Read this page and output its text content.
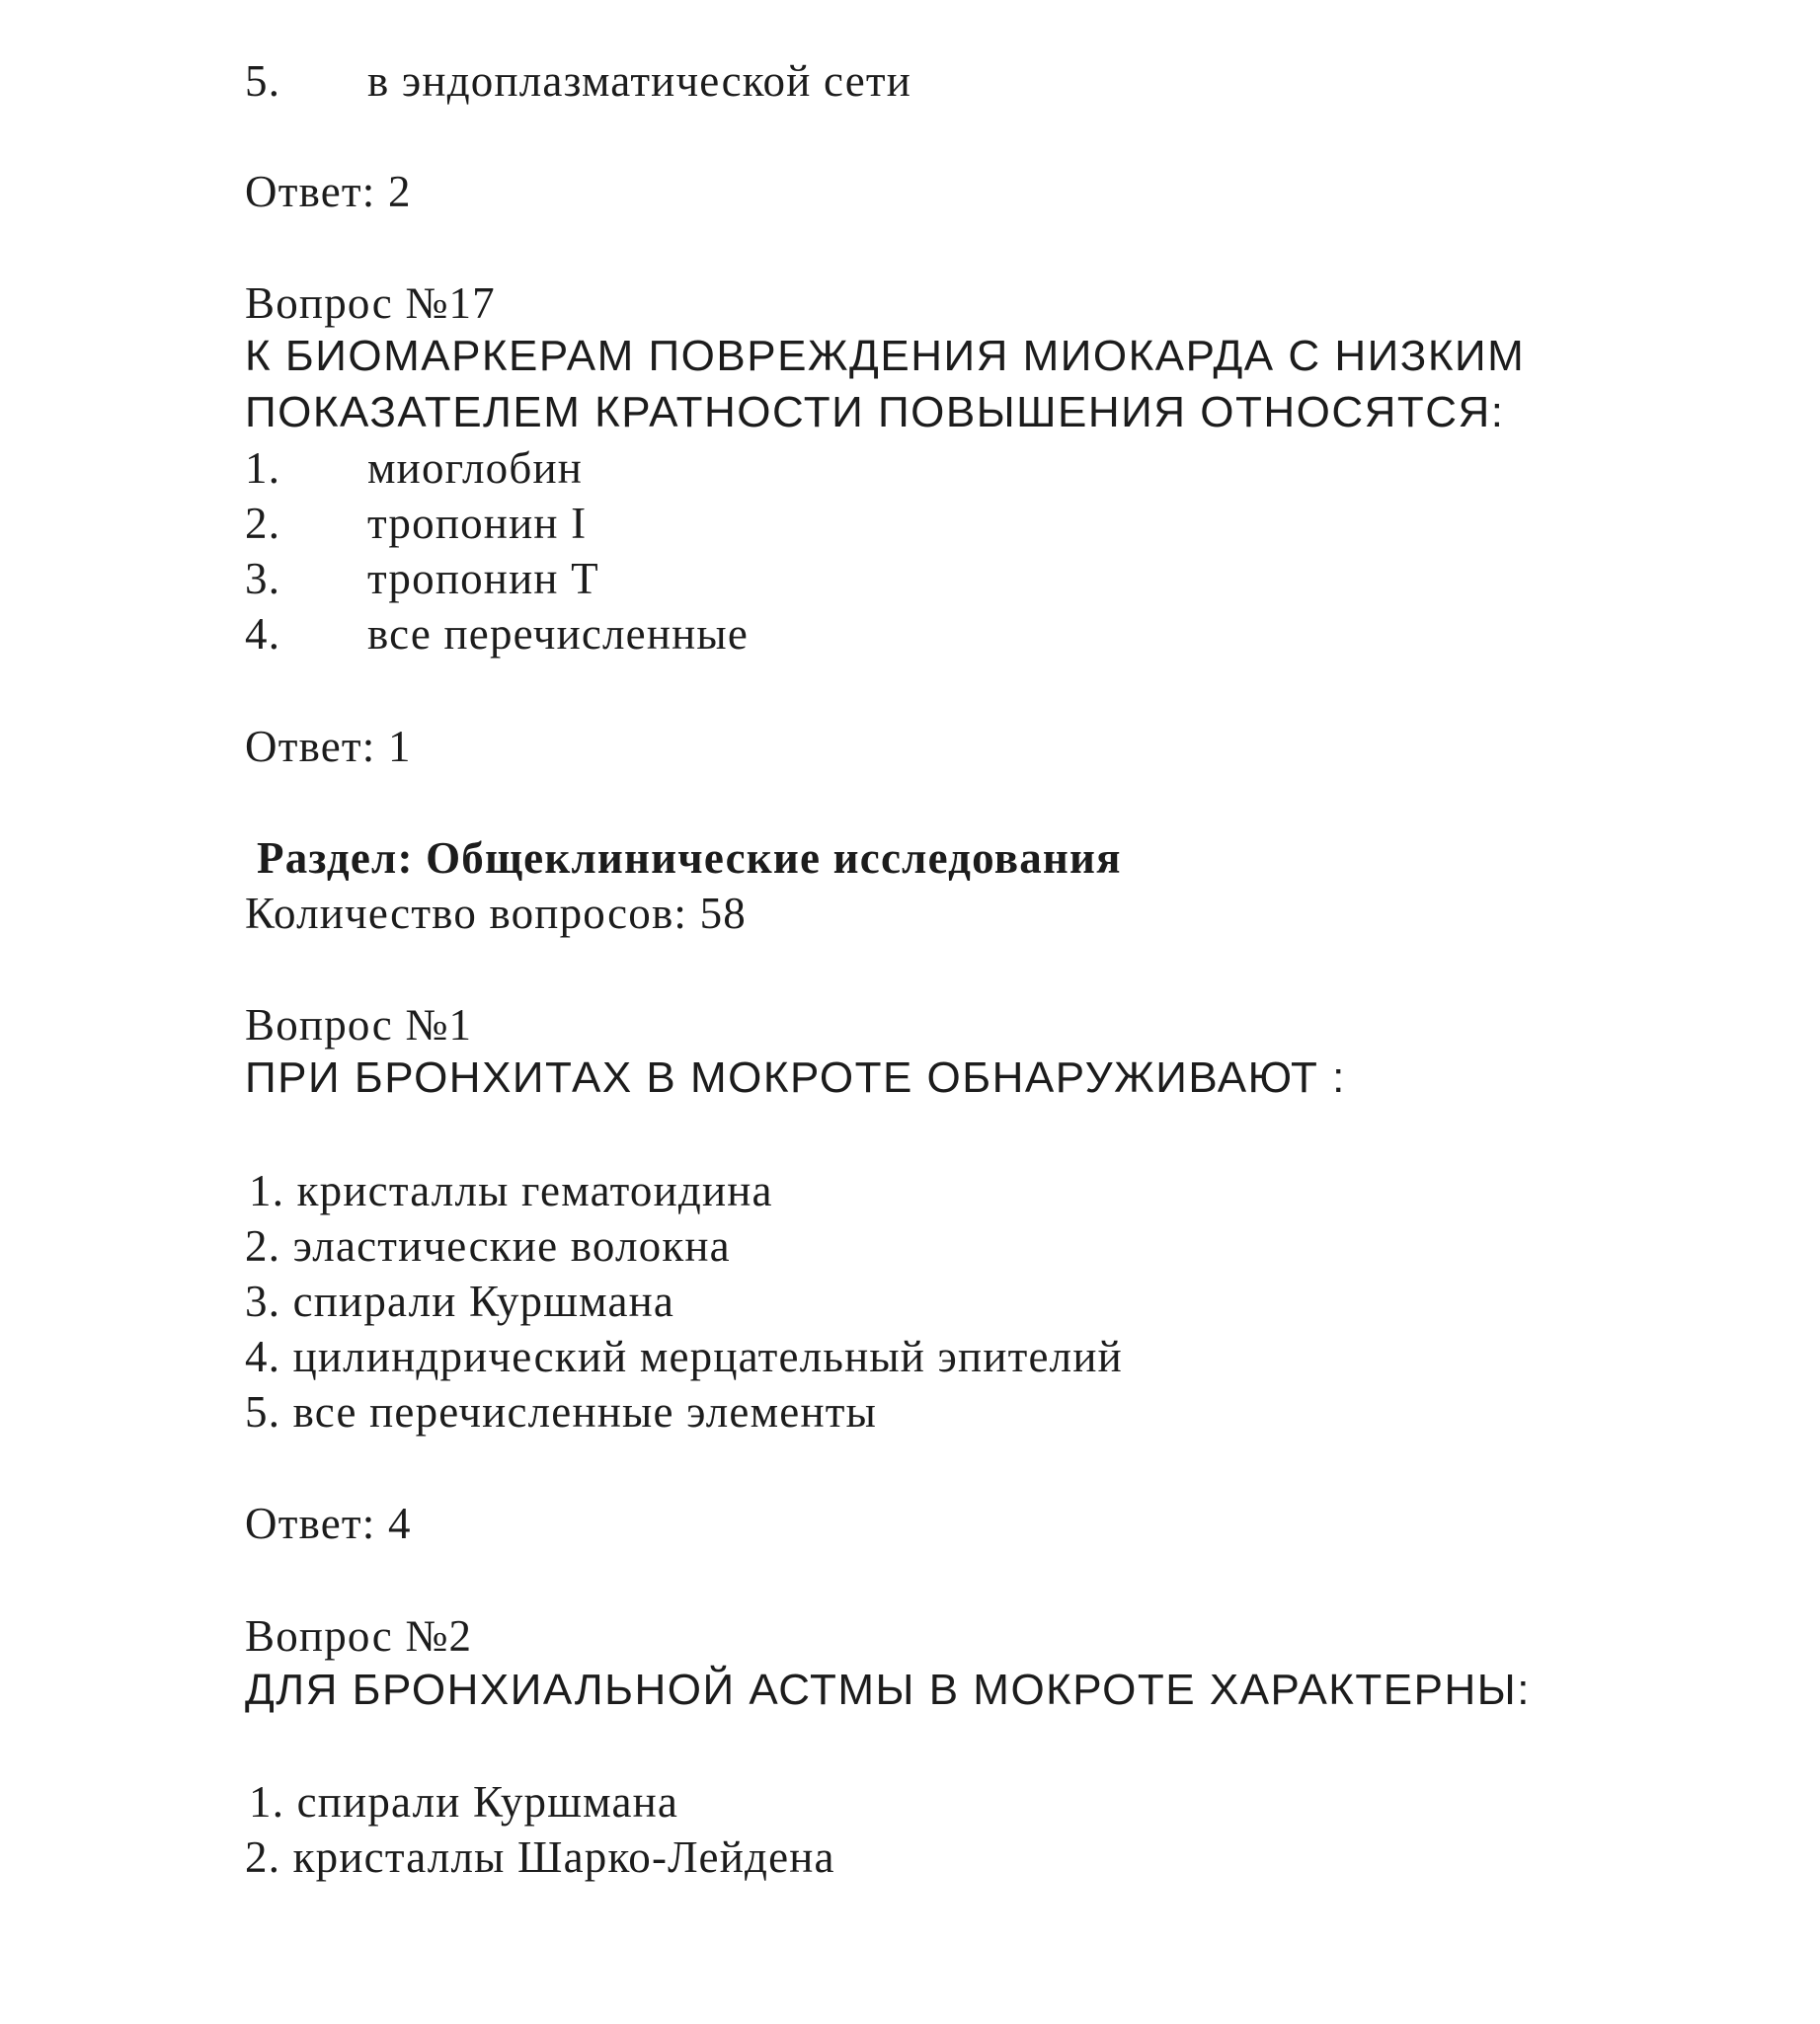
5. в эндоплазматической сети
Ответ: 2
Вопрос №17
К БИОМАРКЕРАМ ПОВРЕЖДЕНИЯ МИОКАРДА С НИЗКИМ
ПОКАЗАТЕЛЕМ КРАТНОСТИ ПОВЫШЕНИЯ ОТНОСЯТСЯ:
1. миоглобин
2. тропонин I
3. тропонин Т
4. все перечисленные
Ответ: 1
Раздел: Общеклинические исследования
Количество вопросов: 58
Вопрос №1
ПРИ БРОНХИТАХ В МОКРОТЕ ОБНАРУЖИВАЮТ :
1. кристаллы гематоидина
2. эластические волокна
3. спирали Куршмана
4. цилиндрический мерцательный эпителий
5. все перечисленные элементы
Ответ: 4
Вопрос №2
ДЛЯ БРОНХИАЛЬНОЙ АСТМЫ В МОКРОТЕ ХАРАКТЕРНЫ:
1. спирали Куршмана
2. кристаллы Шарко-Лейдена
